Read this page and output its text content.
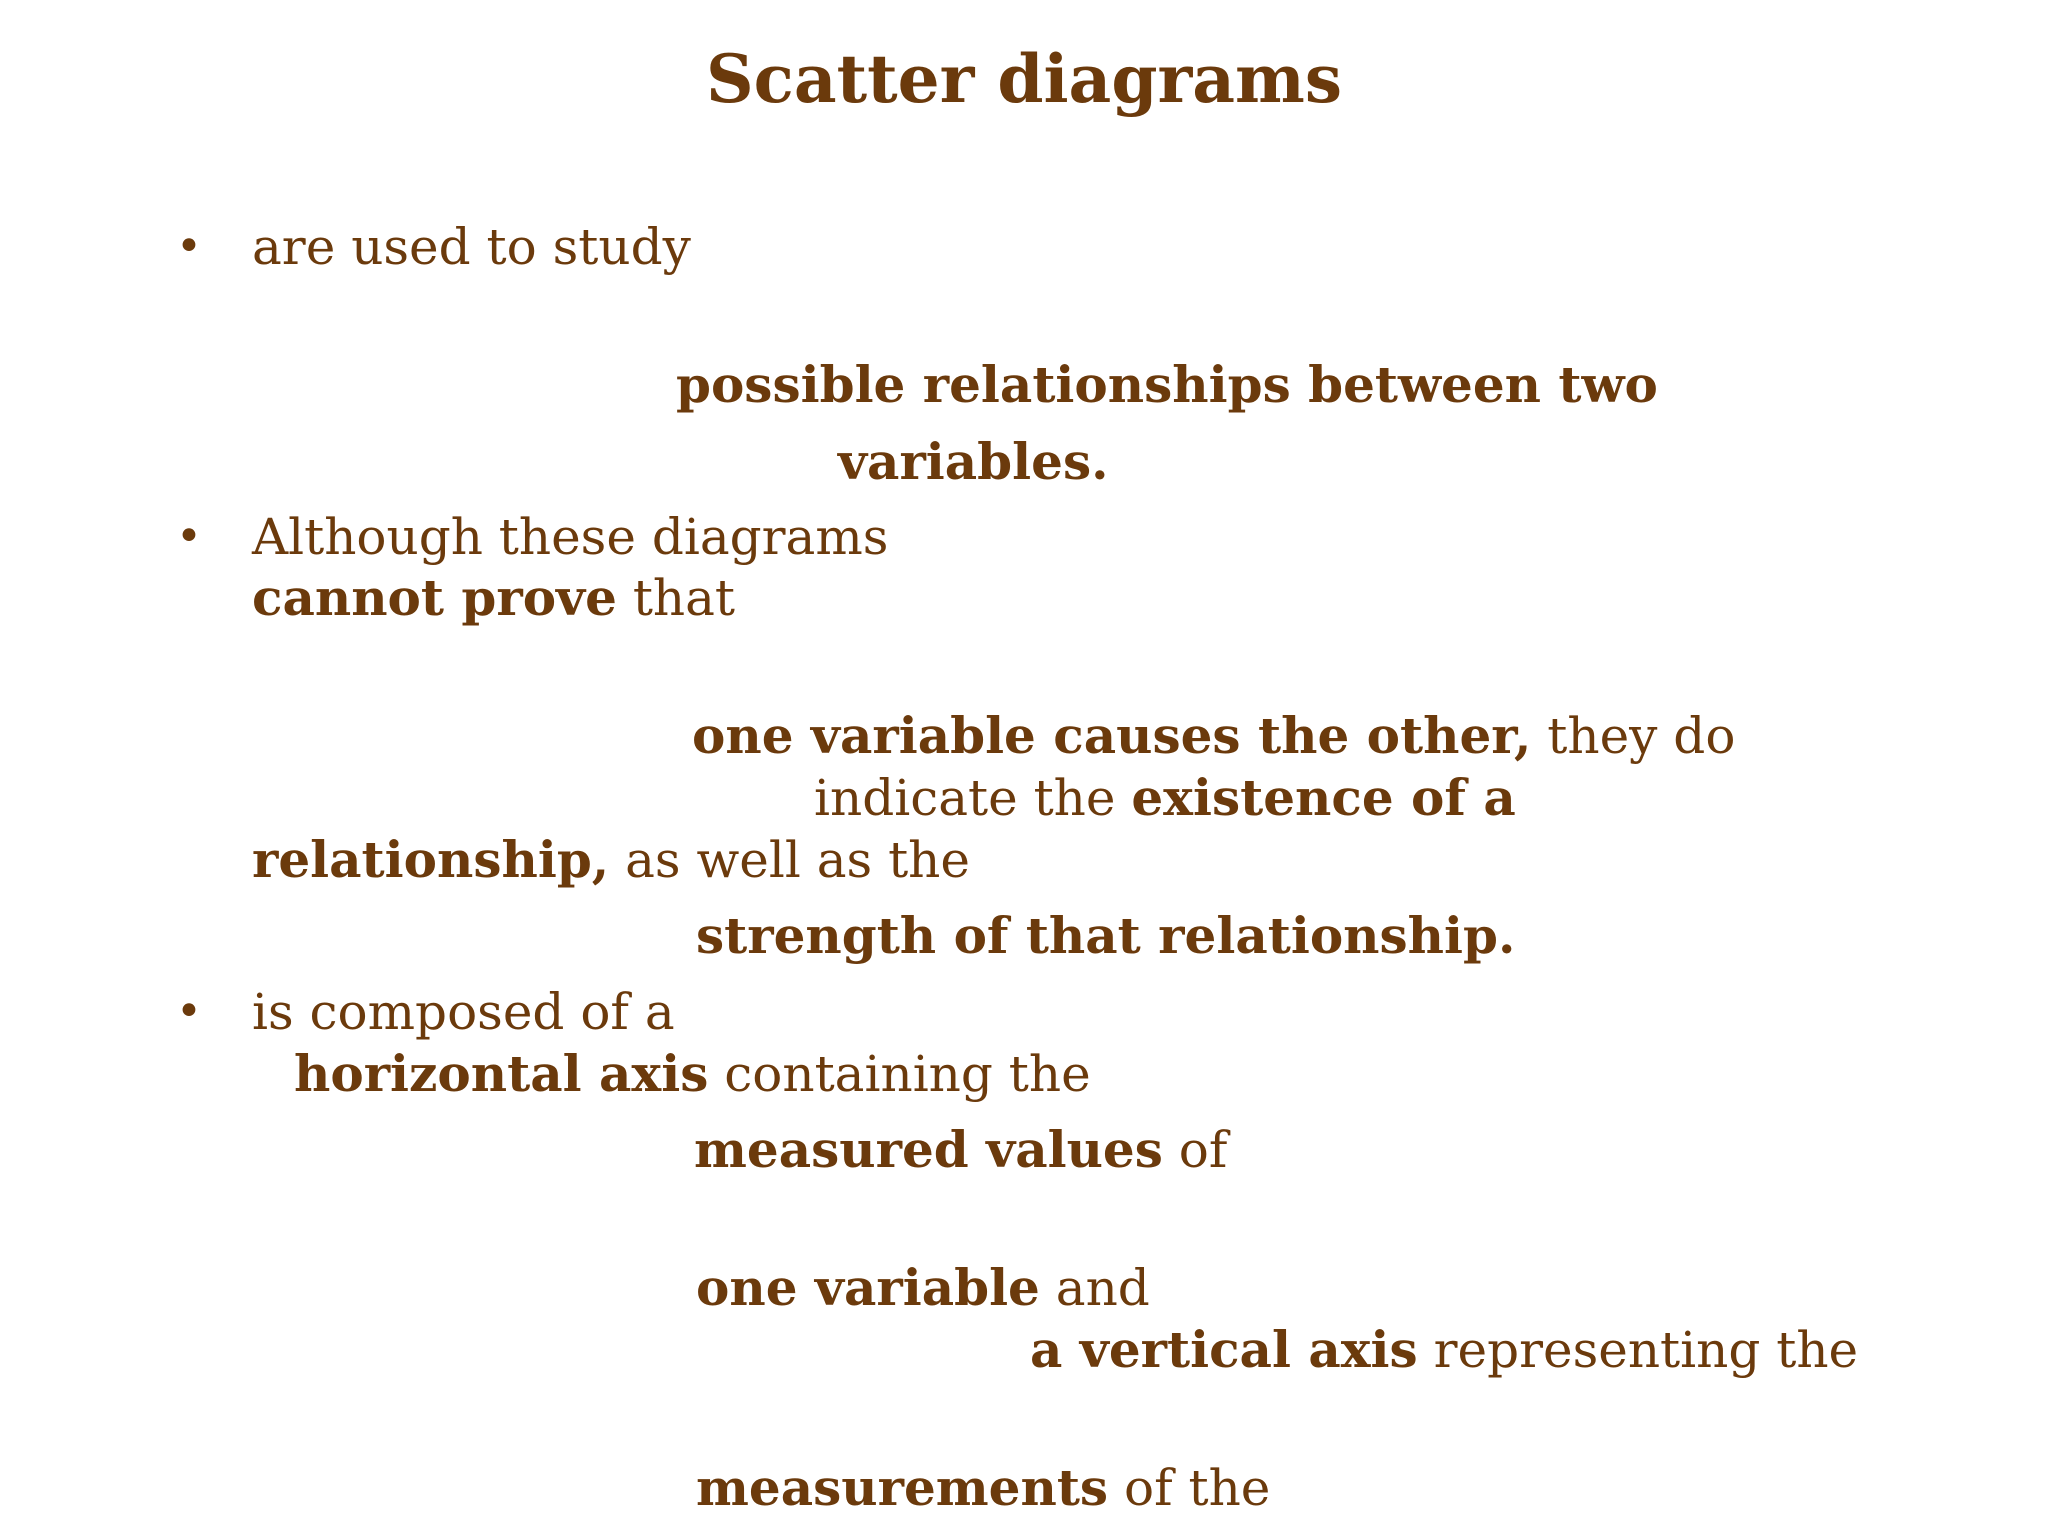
Scatter diagrams
• are used to study
possible relationships between two
variables.
• Although these diagrams
cannot prove that
one variable causes the other, they do
indicate the existence of a
relationship, as well as the
strength of that relationship.
• is composed of a
horizontal axis containing the
measured values of
one variable and
a vertical axis representing the
measurements of the
